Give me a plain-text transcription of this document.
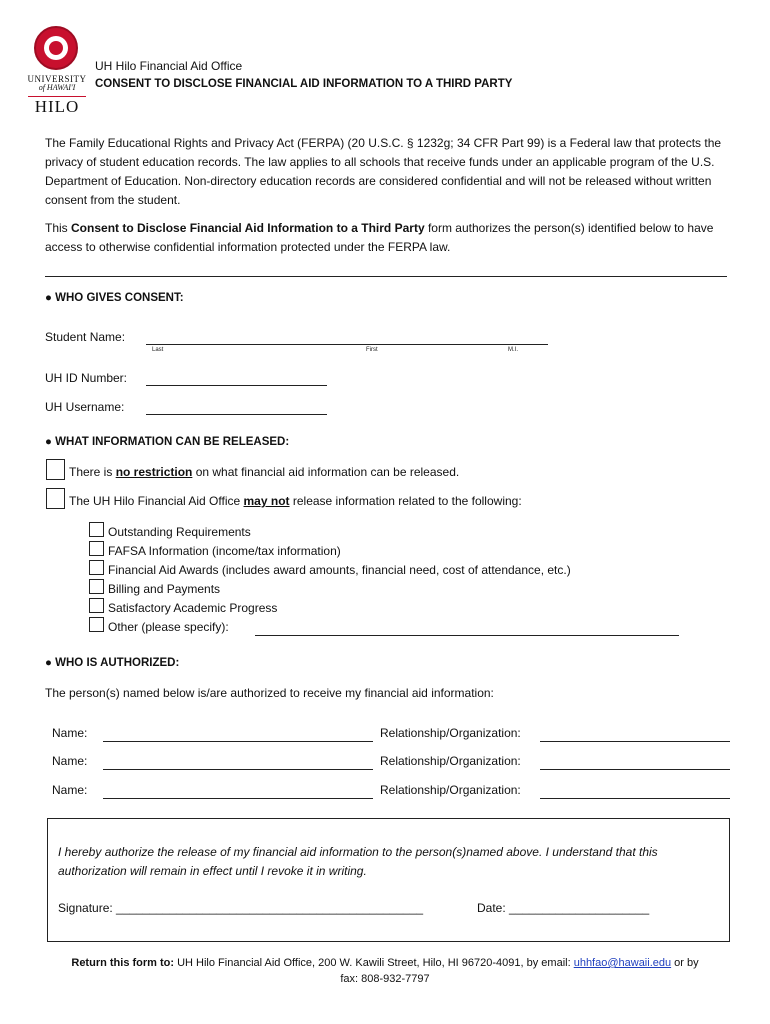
UNIVERSITY
of HAWAI'I
HILO
UH Hilo Financial Aid Office
CONSENT TO DISCLOSE FINANCIAL AID INFORMATION TO A THIRD PARTY
The Family Educational Rights and Privacy Act (FERPA) (20 U.S.C. § 1232g; 34 CFR Part 99) is a Federal law that protects the privacy of student education records. The law applies to all schools that receive funds under an applicable program of the U.S. Department of Education. Non-directory education records are considered confidential and will not be released without written consent from the student.
This Consent to Disclose Financial Aid Information to a Third Party form authorizes the person(s) identified below to have access to otherwise confidential information protected under the FERPA law.
● WHO GIVES CONSENT:
Student Name:
Last	First	M.I.
UH ID Number:
UH Username:
● WHAT INFORMATION CAN BE RELEASED:
There is no restriction on what financial aid information can be released.
The UH Hilo Financial Aid Office may not release information related to the following:
Outstanding Requirements
FAFSA Information (income/tax information)
Financial Aid Awards (includes award amounts, financial need, cost of attendance, etc.)
Billing and Payments
Satisfactory Academic Progress
Other (please specify):
● WHO IS AUTHORIZED:
The person(s) named below is/are authorized to receive my financial aid information:
Name:	Relationship/Organization:
Name:	Relationship/Organization:
Name:	Relationship/Organization:
I hereby authorize the release of my financial aid information to the person(s)named above. I understand that this authorization will remain in effect until I revoke it in writing.
Signature: ______________________________________________	Date: _____________________
Return this form to: UH Hilo Financial Aid Office, 200 W. Kawili Street, Hilo, HI 96720-4091, by email: uhhfao@hawaii.edu or by
fax: 808-932-7797
